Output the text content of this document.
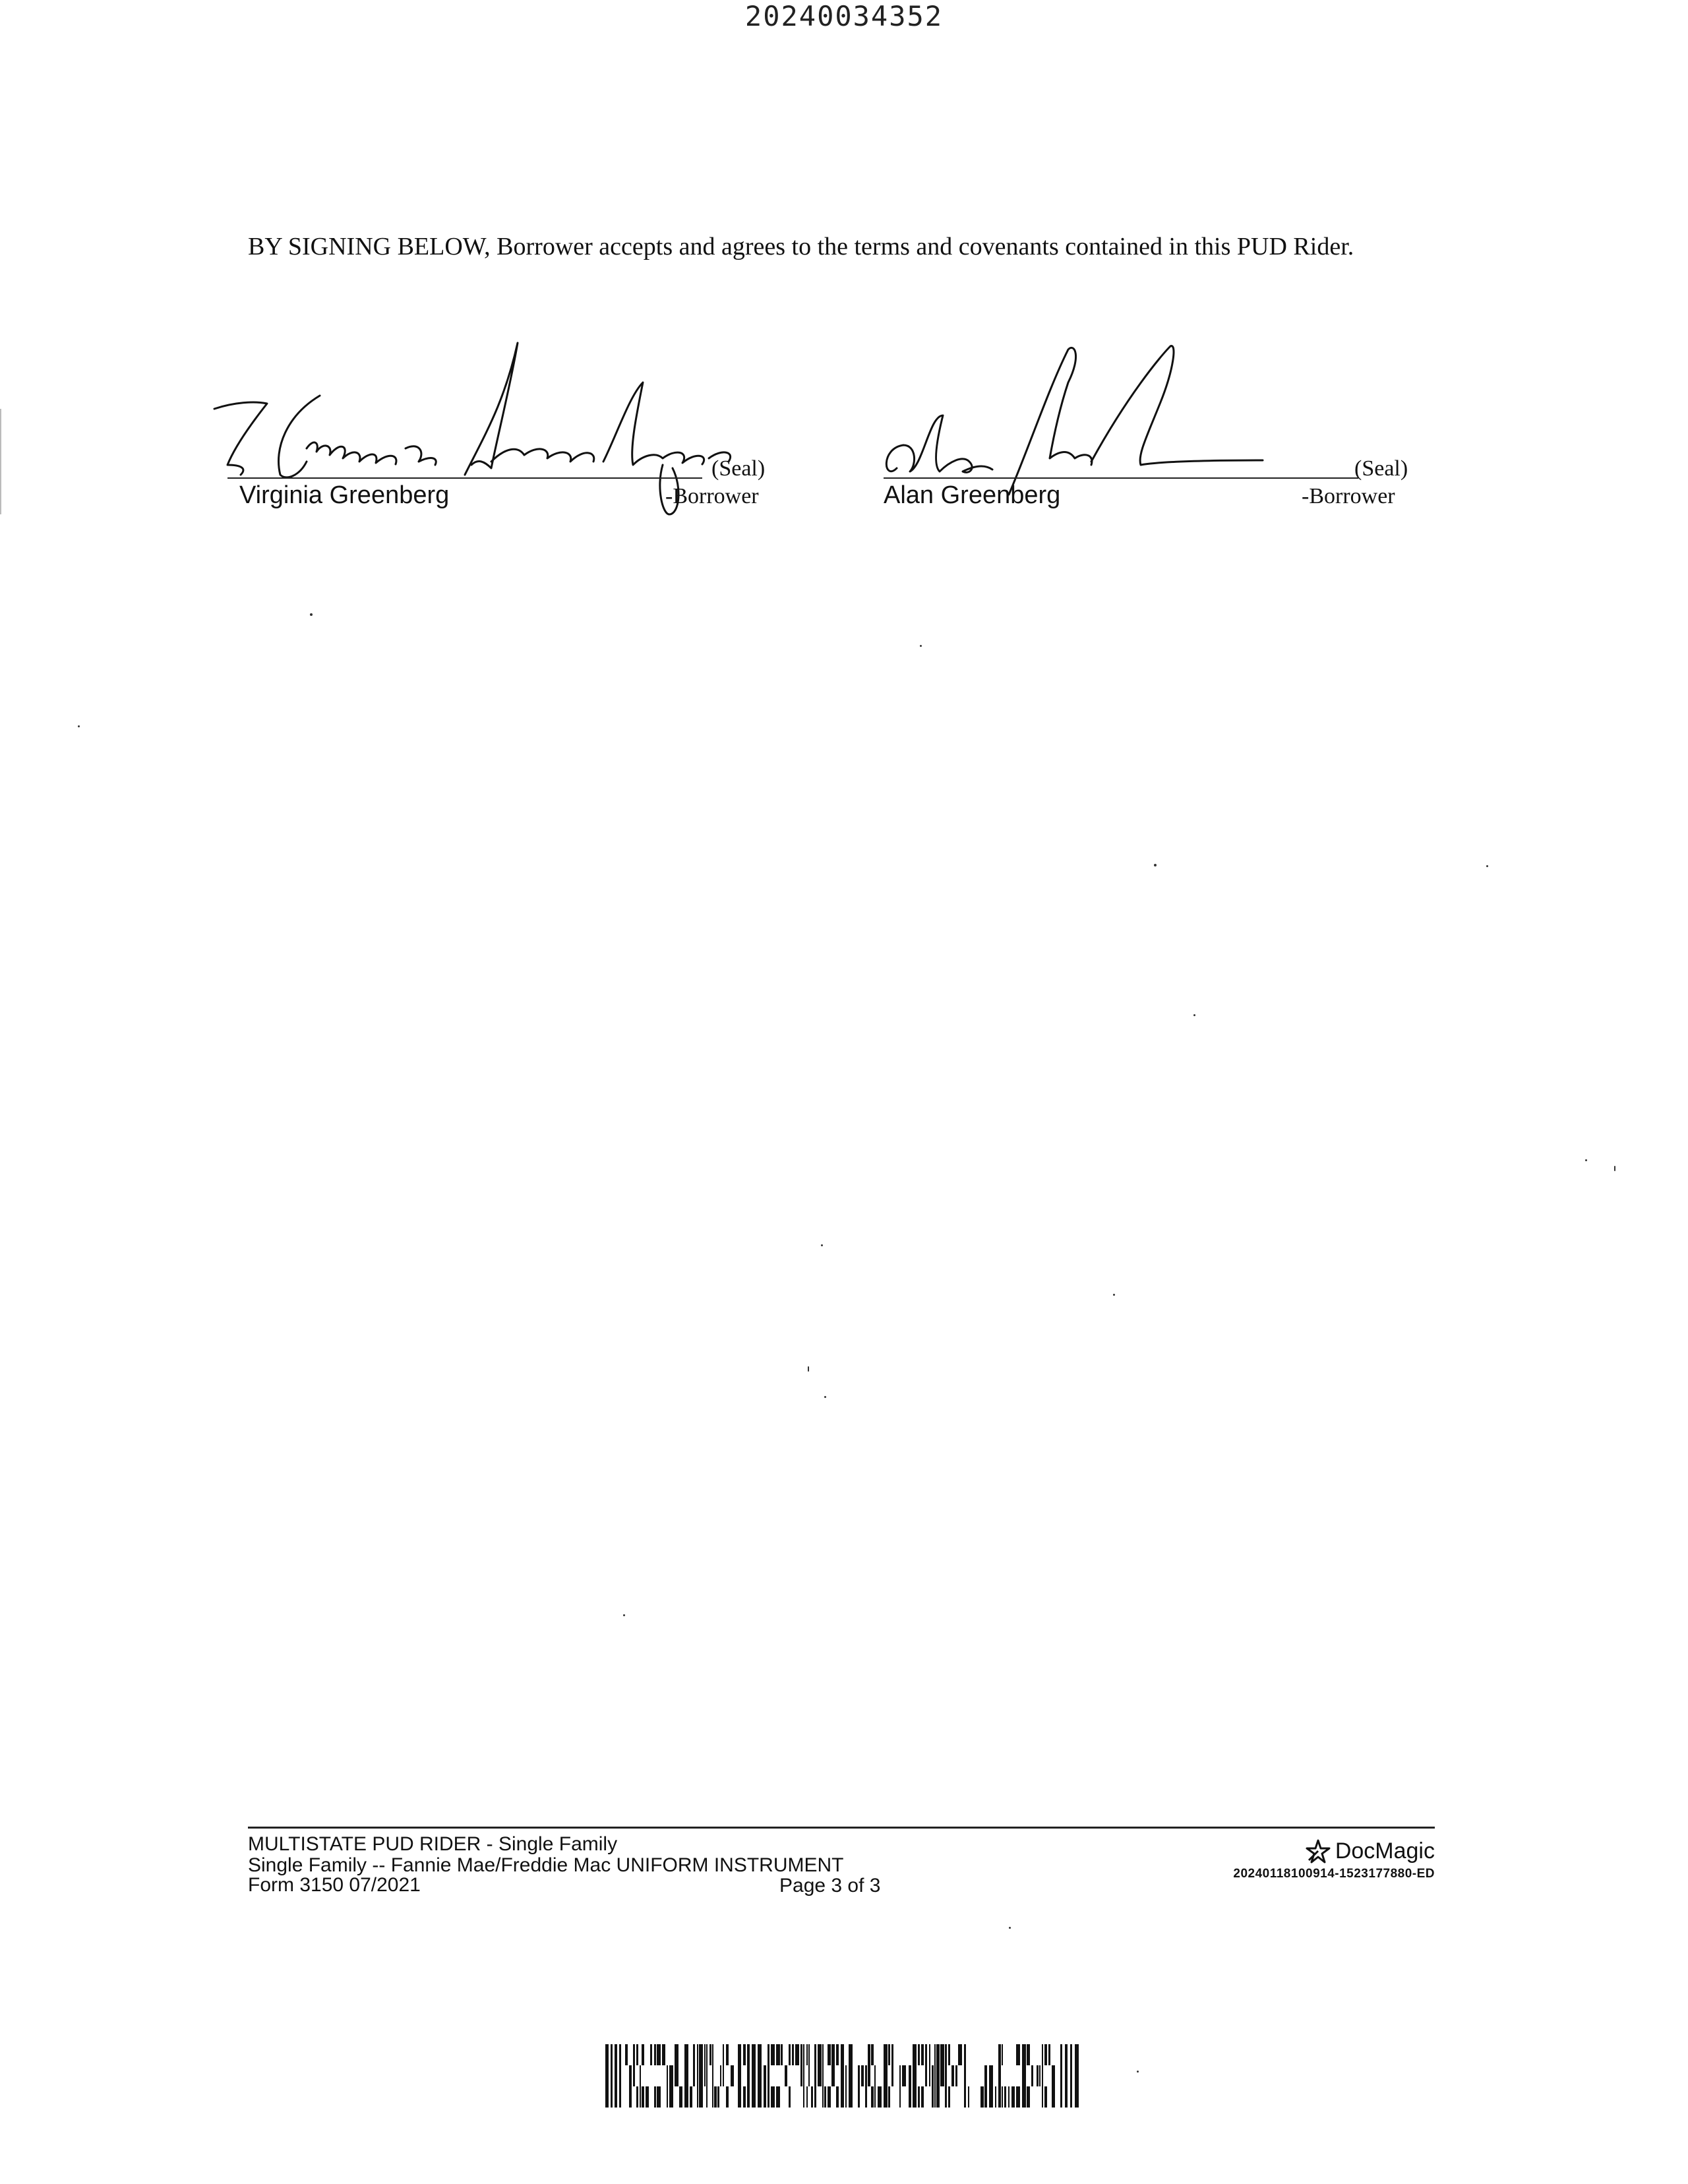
20240034352
BY SIGNING BELOW, Borrower accepts and agrees to the terms and covenants contained in this PUD Rider.
(Seal)
Virginia Greenberg	-Borrower
(Seal)
Alan Greenberg	-Borrower
MULTISTATE PUD RIDER - Single Family
Single Family -- Fannie Mae/Freddie Mac UNIFORM INSTRUMENT
Form 3150 07/2021	Page 3 of 3
DocMagic
20240118100914-1523177880-ED
